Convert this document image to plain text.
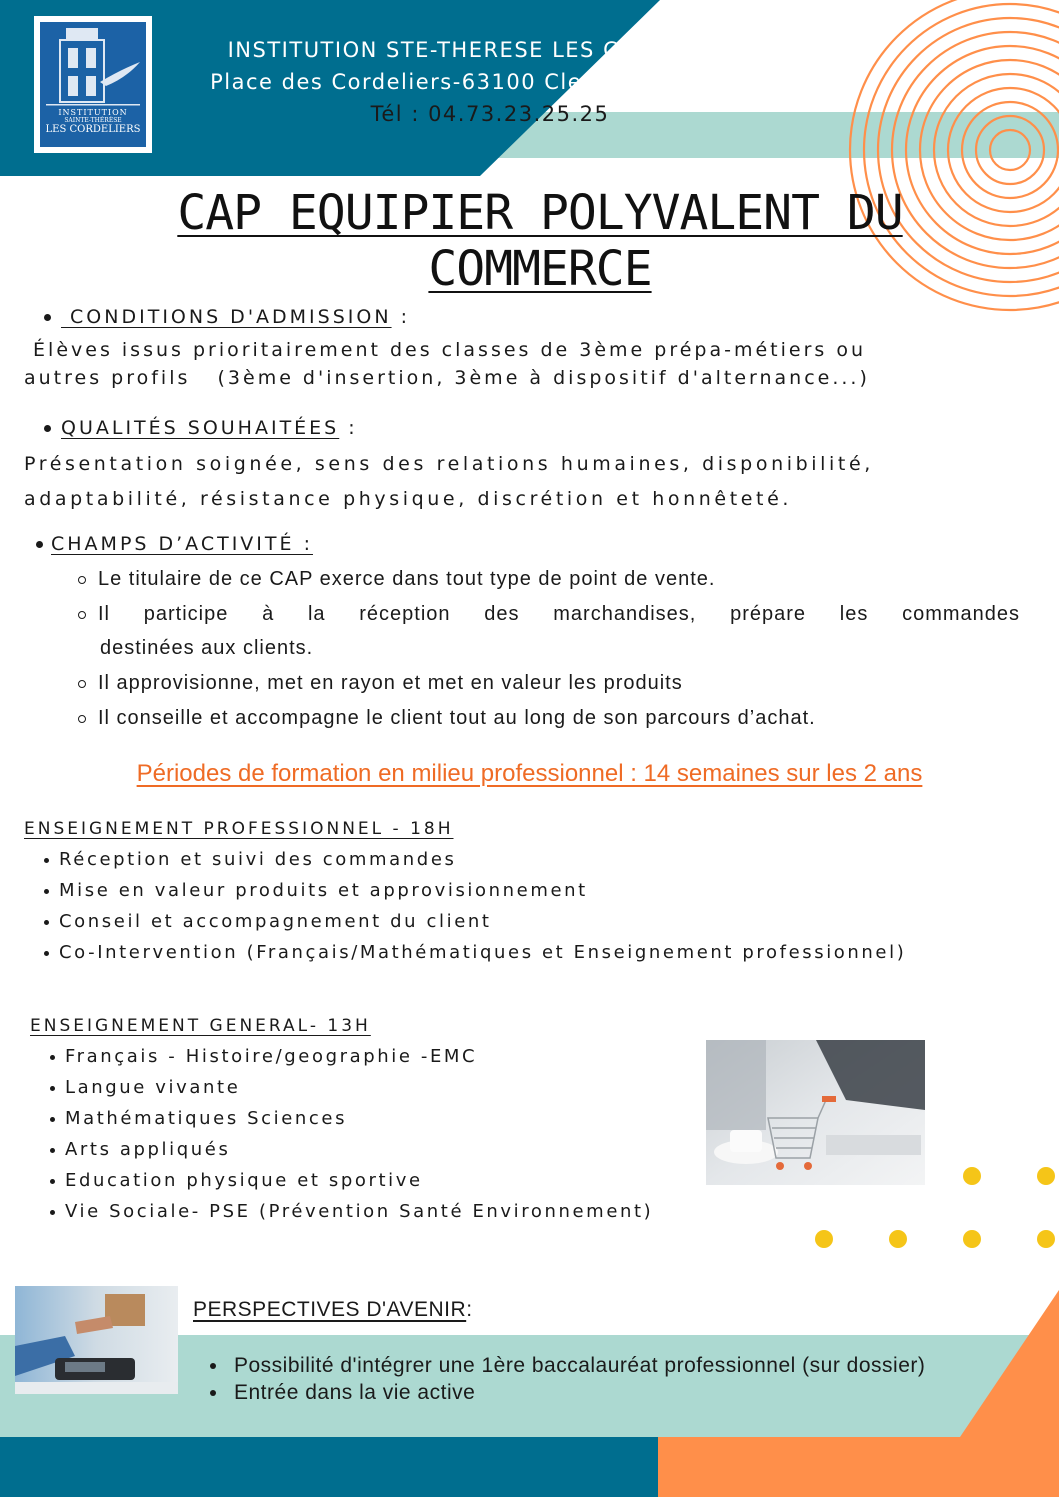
INSTITUTION
SAINTE-THÉRÈSE
LES CORDELIERS
INSTITUTION STE-THERESE LES CORDELIERS
Place des Cordeliers-63100 Clermont-Ferrand -
Tél : 04.73.23.25.25
CAP EQUIPIER POLYVALENT DU COMMERCE
CONDITIONS D'ADMISSION :
Élèves issus prioritairement des classes de 3ème prépa-métiers ou
autres profils   (3ème d'insertion, 3ème à dispositif d'alternance...)
QUALITÉS SOUHAITÉES :
Présentation soignée, sens des relations humaines, disponibilité,
adaptabilité, résistance physique, discrétion et honnêteté.
CHAMPS D’ACTIVITÉ :
Le titulaire de ce CAP exerce dans tout type de point de vente.
Il participe à la réception des marchandises, prépare les commandes
destinées aux clients.
Il approvisionne, met en rayon et met en valeur les produits
Il conseille et accompagne le client tout au long de son parcours d’achat.
Périodes de formation en milieu professionnel : 14 semaines sur les 2 ans
ENSEIGNEMENT PROFESSIONNEL - 18H
Réception et suivi des commandes
Mise en valeur produits et approvisionnement
Conseil et accompagnement du client
Co-Intervention (Français/Mathématiques et Enseignement professionnel)
ENSEIGNEMENT GENERAL- 13H
Français - Histoire/geographie -EMC
Langue vivante
Mathématiques Sciences
Arts appliqués
Education physique et sportive
Vie Sociale- PSE (Prévention Santé Environnement)
PERSPECTIVES D'AVENIR:
Possibilité d'intégrer une 1ère baccalauréat professionnel (sur dossier)
Entrée dans la vie active
